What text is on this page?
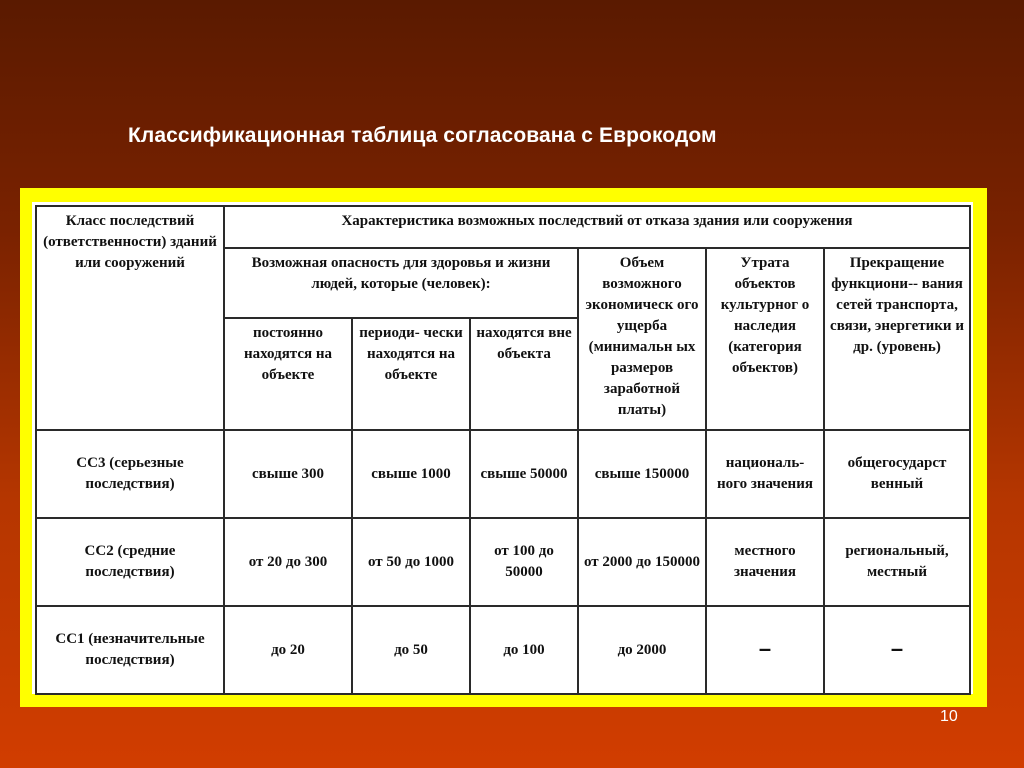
Классификационная таблица согласована с Еврокодом
Класс последствий (ответственности) зданий или сооружений	Характеристика возможных последствий от отказа здания или сооружения					
	Возможная опасность для здоровья и жизни людей, которые (человек):			Объем возможного экономическ ого ущерба (минимальн ых размеров заработной платы)	Утрата объектов культурног о наследия (категория объектов)	Прекращение функциони-- вания сетей транспорта, связи, энергетики и др. (уровень)
	постоянно находятся на объекте	периоди- чески находятся на объекте	находятся вне объекта			
СС3 (серьезные последствия)	свыше 300	свыше 1000	свыше 50000	свыше 150000	националь- ного значения	общегосударст венный
СС2 (средние последствия)	от 20 до 300	от 50 до 1000	от 100 до 50000	от 2000 до 150000	местного значения	региональный, местный
СС1 (незначительные последствия)	до 20	до 50	до 100	до 2000	–	–
10
